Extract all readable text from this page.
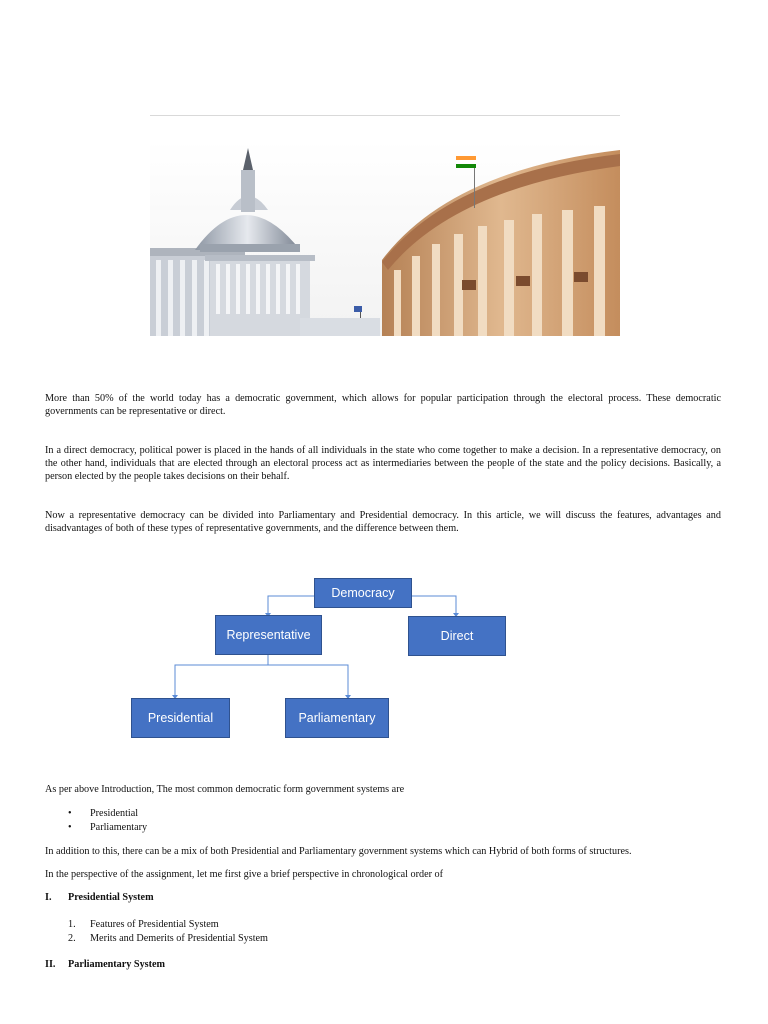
More than 50% of the world today has a democratic government, which allows for popular participation through the electoral process. These democratic governments can be representative or direct.

In a direct democracy, political power is placed in the hands of all individuals in the state who come together to make a decision. In a representative democracy, on the other hand, individuals that are elected through an electoral process act as intermediaries between the people of the state and the policy decisions. Basically, a person elected by the people takes decisions on their behalf.

Now a representative democracy can be divided into Parliamentary and Presidential democracy. In this article, we will discuss the features, advantages and disadvantages of both of these types of representative governments, and the difference between them.

Democracy
Representative	Direct
Presidential	Parliamentary

As per above Introduction, The most common democratic form government systems are

• Presidential
• Parliamentary

In addition to this, there can be a mix of both Presidential and Parliamentary government systems which can Hybrid of both forms of structures.

In the perspective of the assignment, let me first give a brief perspective in chronological order of

I. Presidential System
1. Features of Presidential System
2. Merits and Demerits of Presidential System
II. Parliamentary System
